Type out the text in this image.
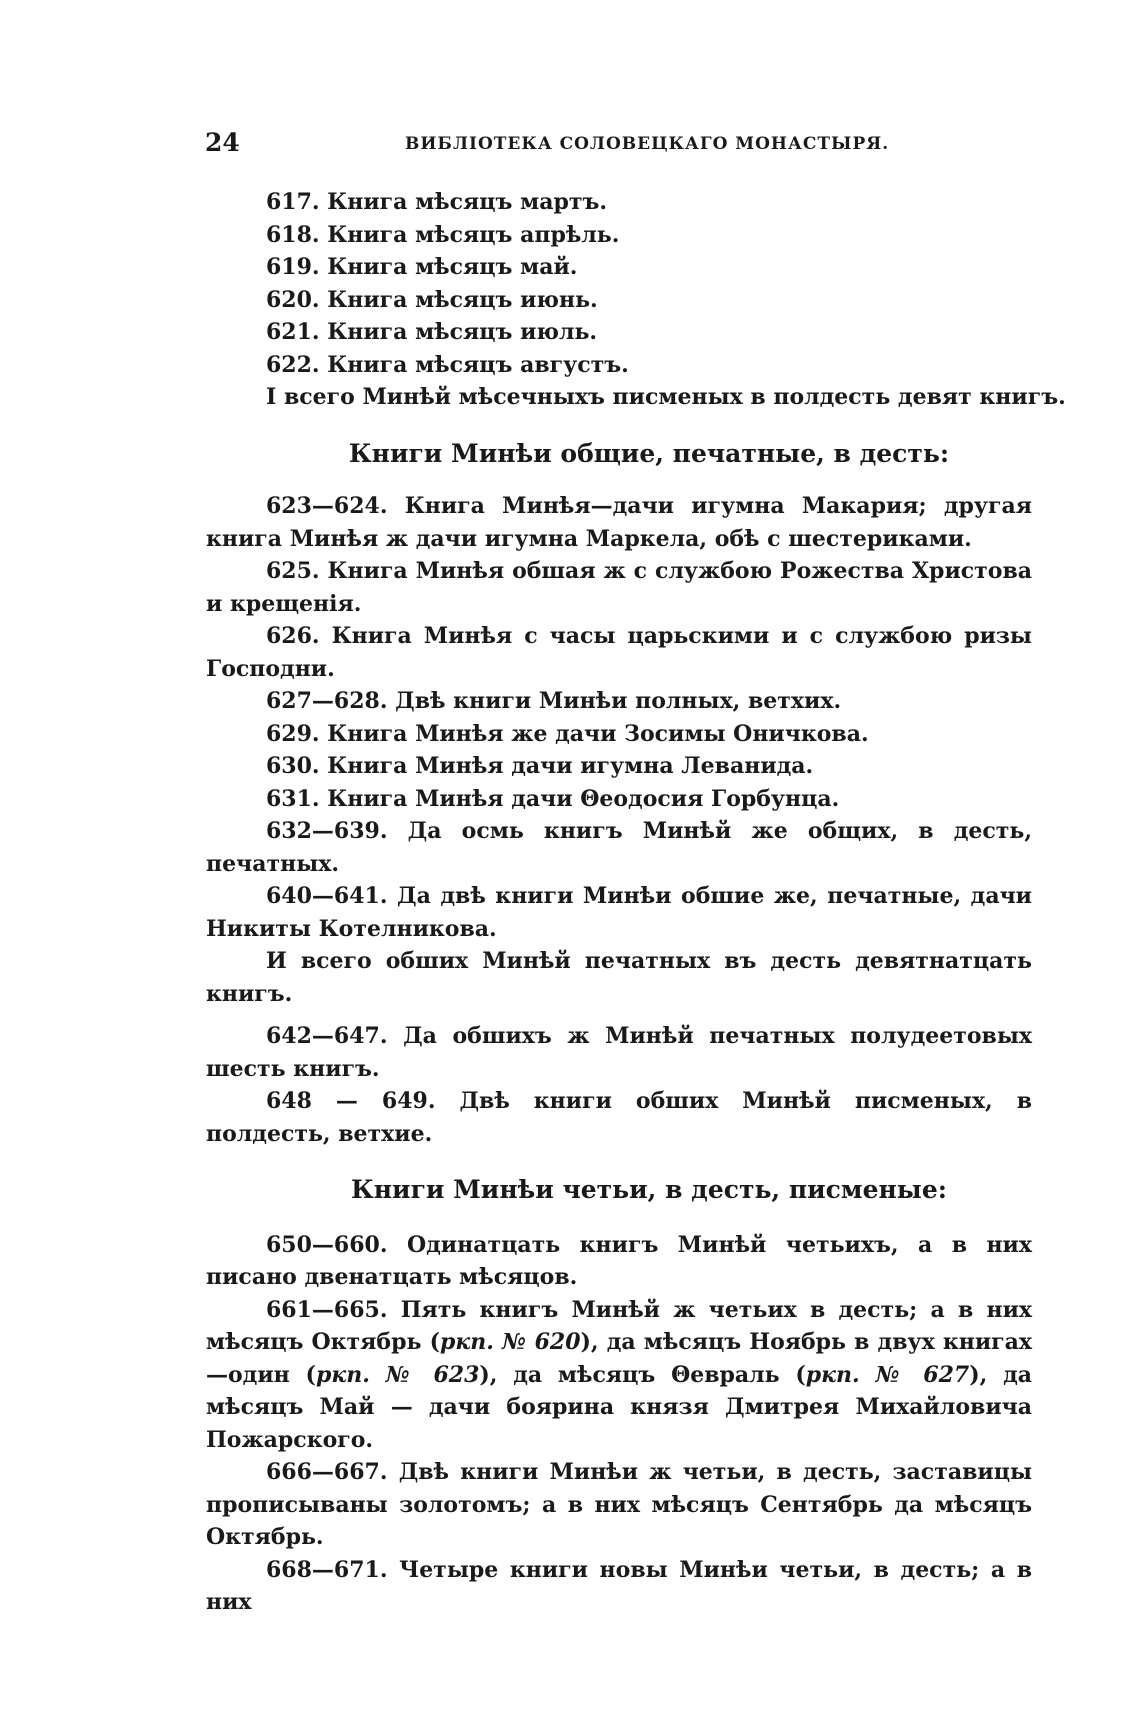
24	ВИБЛIОТЕКА СОЛОВЕЦКАГО МОНАСТЫРЯ.
617. Книга мѣсяцъ мартъ.
618. Книга мѣсяцъ апрѣль.
619. Книга мѣсяцъ май.
620. Книга мѣсяцъ июнь.
621. Книга мѣсяцъ июль.
622. Книга мѣсяцъ августъ.
I всего Минѣй мѣсечныхъ писменых в полдесть девят книгъ.

Книги Минѣи общие, печатные, в десть:

623—624. Книга Минѣя—дачи игумна Макария; другая книга Минѣя ж дачи игумна Маркела, обѣ с шестериками.

625. Книга Минѣя обшая ж с службою Рожества Христова и крещенiя.

626. Книга Минѣя с часы царьскими и с службою ризы Господни.

627—628. Двѣ книги Минѣи полных, ветхих.

629. Книга Минѣя же дачи Зосимы Оничкова.

630. Книга Минѣя дачи игумна Леванида.

631. Книга Минѣя дачи Θеодосия Горбунца.

632—639. Да осмь книгъ Минѣй же общих, в десть, печатных.

640—641. Да двѣ книги Минѣи обшие же, печатные, дачи Никиты Котелникова.

И всего обших Минѣй печатных въ десть девятнатцать книгъ.

642—647. Да обшихъ ж Минѣй печатных полудеетовых шесть книгъ.

648 — 649. Двѣ книги обших Минѣй писменых, в полдесть, ветхие.

Книги Минѣи четьи, в десть, писменые:

650—660. Одинатцать книгъ Минѣй четьихъ, а в них писано двенатцать мѣсяцов.

661—665. Пять книгъ Минѣй ж четьих в десть; а в них мѣсяцъ Октябрь (ркп. № 620), да мѣсяцъ Ноябрь в двух книгах—один (ркп. № 623), да мѣсяцъ Θевраль (ркп. № 627), да мѣсяцъ Май — дачи боярина князя Дмитрея Михайловича Пожарского.

666—667. Двѣ книги Минѣи ж четьи, в десть, заставицы прописываны золотомъ; а в них мѣсяцъ Сентябрь да мѣсяцъ Октябрь.

668—671. Четыре книги новы Минѣи четьи, в десть; а в них
